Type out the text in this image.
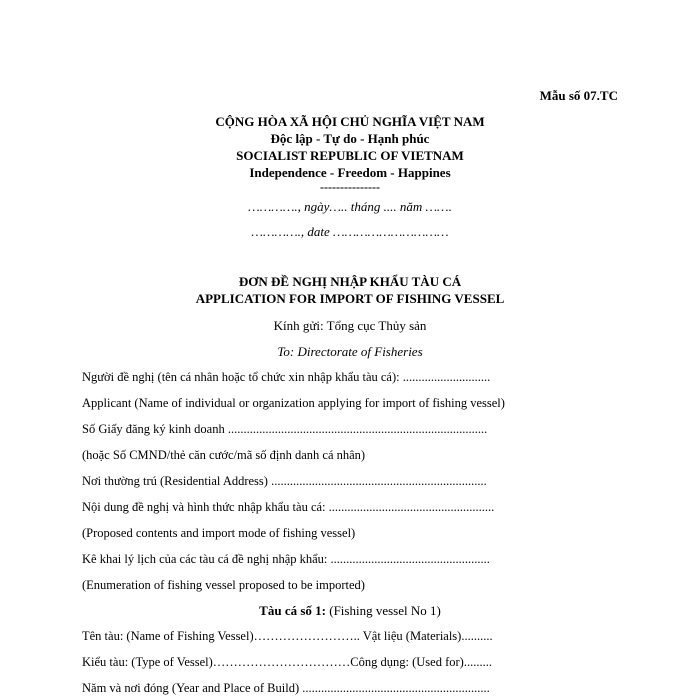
Mẫu số 07.TC
CỘNG HÒA XÃ HỘI CHỦ NGHĨA VIỆT NAM
Độc lập - Tự do - Hạnh phúc
SOCIALIST REPUBLIC OF VIETNAM
Independence - Freedom - Happines
---------------
…………., ngày….. tháng .... năm …….
…………., date …………………………
ĐƠN ĐỀ NGHỊ NHẬP KHẨU TÀU CÁ
APPLICATION FOR IMPORT OF FISHING VESSEL
Kính gửi: Tổng cục Thủy sản
To: Directorate of Fisheries
Người đề nghị (tên cá nhân hoặc tổ chức xin nhập khẩu tàu cá): ............................
Applicant (Name of individual or organization applying for import of fishing vessel)
Số Giấy đăng ký kinh doanh ...................................................................................
(hoặc Số CMND/thẻ căn cước/mã số định danh cá nhân)
Nơi thường trú (Residential Address) .....................................................................
Nội dung đề nghị và hình thức nhập khẩu tàu cá: .....................................................
(Proposed contents and import mode of fishing vessel)
Kê khai lý lịch của các tàu cá đề nghị nhập khẩu: ...................................................
(Enumeration of fishing vessel proposed to be imported)
Tàu cá số 1: (Fishing vessel No 1)
Tên tàu: (Name of Fishing Vessel)…………………….. Vật liệu (Materials)..........
Kiểu tàu: (Type of Vessel)……………………………Công dụng: (Used for).........
Năm và nơi đóng (Year and Place of Build) ............................................................
